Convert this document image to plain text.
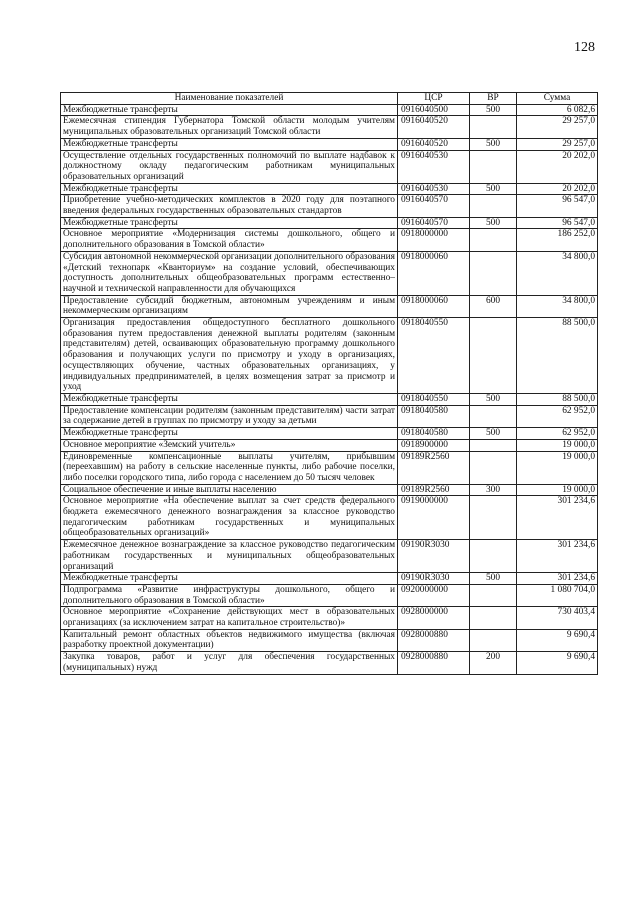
128
Наименование показателей	ЦСР	ВР	Сумма
Межбюджетные трансферты	0916040500	500	6 082,6
Ежемесячная стипендия Губернатора Томской области молодым учителям муниципальных образовательных организаций Томской области	0916040520		29 257,0
Межбюджетные трансферты	0916040520	500	29 257,0
Осуществление отдельных государственных полномочий по выплате надбавок к должностному окладу педагогическим работникам муниципальных образовательных организаций	0916040530		20 202,0
Межбюджетные трансферты	0916040530	500	20 202,0
Приобретение учебно-методических комплектов в 2020 году для поэтапного введения федеральных государственных образовательных стандартов	0916040570		96 547,0
Межбюджетные трансферты	0916040570	500	96 547,0
Основное мероприятие «Модернизация системы дошкольного, общего и дополнительного образования в Томской области»	0918000000		186 252,0
Субсидия автономной некоммерческой организации дополнительного образования «Детский технопарк «Кванториум» на создание условий, обеспечивающих доступность дополнительных общеобразовательных программ естественно–научной и технической направленности для обучающихся	0918000060		34 800,0
Предоставление субсидий бюджетным, автономным учреждениям и иным некоммерческим организациям	0918000060	600	34 800,0
Организация предоставления общедоступного бесплатного дошкольного образования путем предоставления денежной выплаты родителям (законным представителям) детей, осваивающих образовательную программу дошкольного образования и получающих услуги по присмотру и уходу в организациях, осуществляющих обучение, частных образовательных организациях, у индивидуальных предпринимателей, в целях возмещения затрат за присмотр и уход	0918040550		88 500,0
Межбюджетные трансферты	0918040550	500	88 500,0
Предоставление компенсации родителям (законным представителям) части затрат за содержание детей в группах по присмотру и уходу за детьми	0918040580		62 952,0
Межбюджетные трансферты	0918040580	500	62 952,0
Основное мероприятие «Земский учитель»	0918900000		19 000,0
Единовременные компенсационные выплаты учителям, прибывшим (переехавшим) на работу в сельские населенные пункты, либо рабочие поселки, либо поселки городского типа, либо города с населением до 50 тысяч человек	09189R2560		19 000,0
Социальное обеспечение и иные выплаты населению	09189R2560	300	19 000,0
Основное мероприятие «На обеспечение выплат за счет средств федерального бюджета ежемесячного денежного вознаграждения за классное руководство педагогическим работникам государственных и муниципальных общеобразовательных организаций»	0919000000		301 234,6
Ежемесячное денежное вознаграждение за классное руководство педагогическим работникам государственных и муниципальных общеобразовательных организаций	09190R3030		301 234,6
Межбюджетные трансферты	09190R3030	500	301 234,6
Подпрограмма «Развитие инфраструктуры дошкольного, общего и дополнительного образования в Томской области»	0920000000		1 080 704,0
Основное мероприятие «Сохранение действующих мест в образовательных организациях (за исключением затрат на капитальное строительство)»	0928000000		730 403,4
Капитальный ремонт областных объектов недвижимого имущества (включая разработку проектной документации)	0928000880		9 690,4
Закупка товаров, работ и услуг для обеспечения государственных (муниципальных) нужд	0928000880	200	9 690,4
